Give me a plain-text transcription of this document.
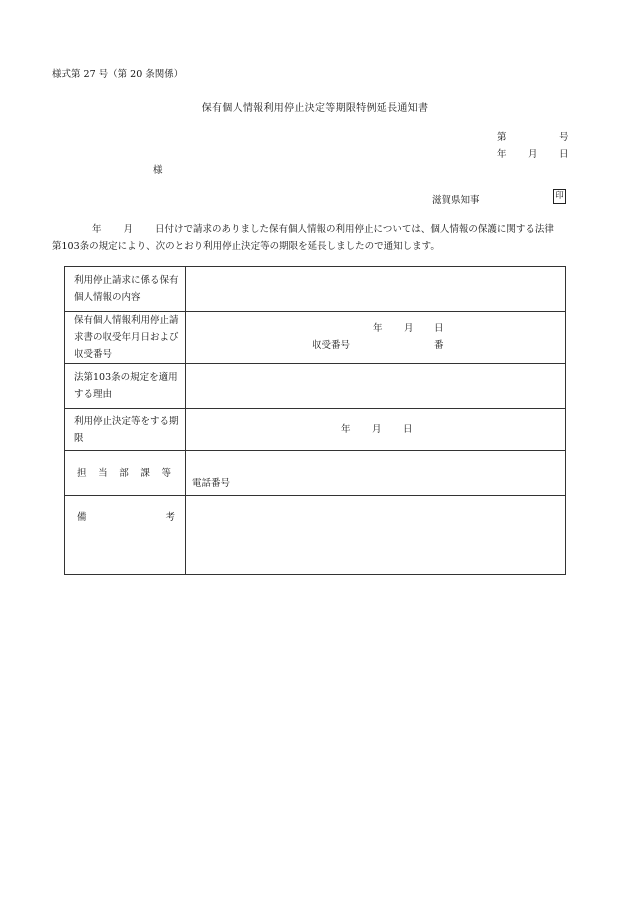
様式第 27 号（第 20 条関係）
保有個人情報利用停止決定等期限特例延長通知書
第	号
年 月 日
様
滋賀県知事	印
年 月 日付けで請求のありました保有個人情報の利用停止については、個人情報の保護に関する法律
第103条の規定により、次のとおり利用停止決定等の期限を延長しましたので通知します。
利用停止請求に係る保有個人情報の内容	
保有個人情報利用停止請求書の収受年月日および収受番号	年 月 日
収受番号 番

法第103条の規定を適用する理由	
利用停止決定等をする期限	年 月 日

担 当 部 課 等	電話番号

備 考	
